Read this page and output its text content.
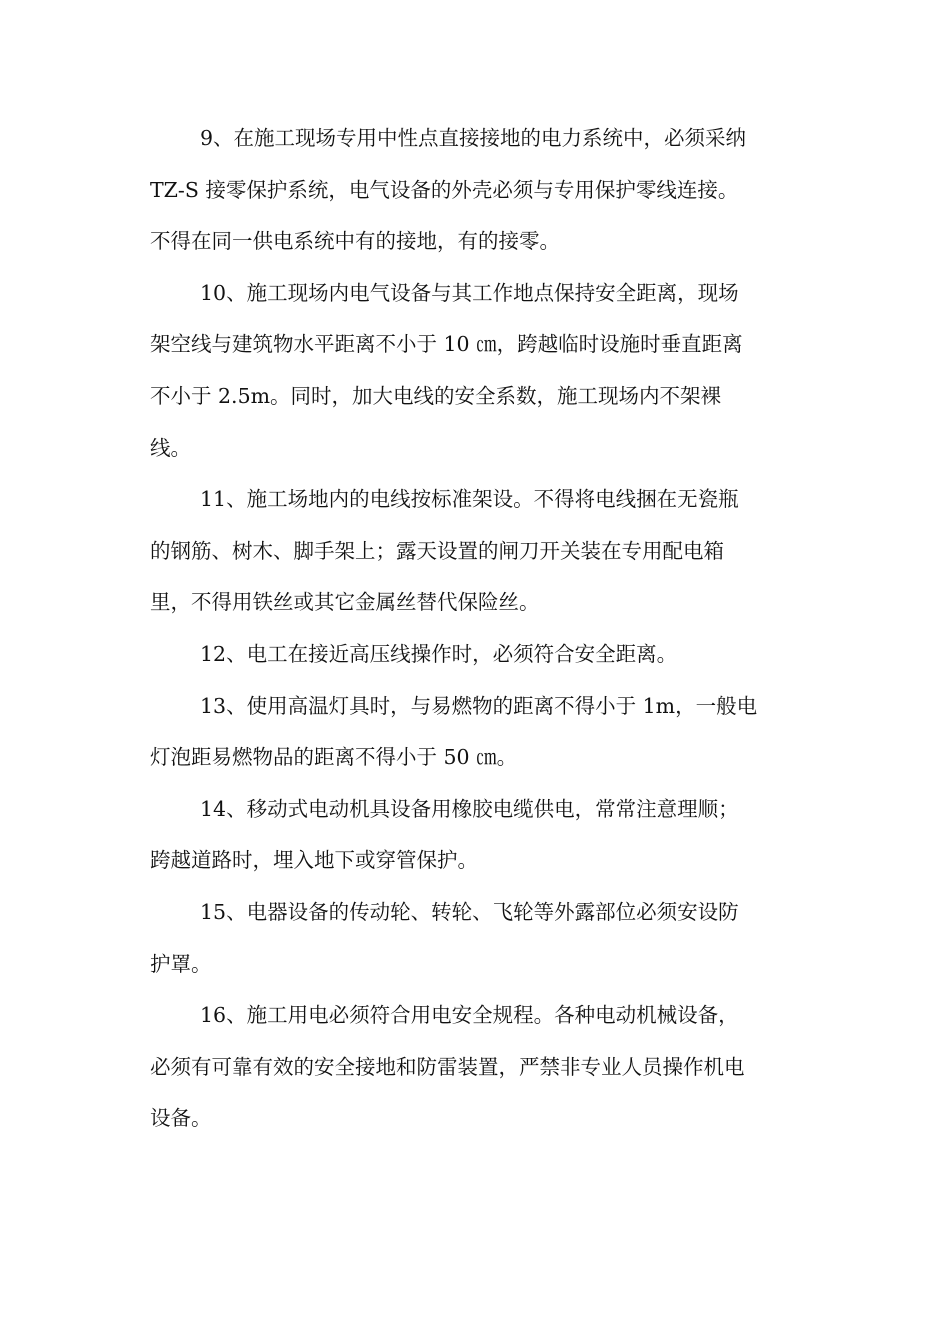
9、在施工现场专用中性点直接接地的电力系统中，必须采纳
TZ-S 接零保护系统，电气设备的外壳必须与专用保护零线连接。
不得在同一供电系统中有的接地，有的接零。

10、施工现场内电气设备与其工作地点保持安全距离，现场
架空线与建筑物水平距离不小于 10 ㎝，跨越临时设施时垂直距离
不小于 2.5m。同时，加大电线的安全系数，施工现场内不架裸
线。

11、施工场地内的电线按标准架设。不得将电线捆在无瓷瓶
的钢筋、树木、脚手架上；露天设置的闸刀开关装在专用配电箱
里，不得用铁丝或其它金属丝替代保险丝。

12、电工在接近高压线操作时，必须符合安全距离。

13、使用高温灯具时，与易燃物的距离不得小于 1m，一般电
灯泡距易燃物品的距离不得小于 50 ㎝。

14、移动式电动机具设备用橡胶电缆供电，常常注意理顺；
跨越道路时，埋入地下或穿管保护。

15、电器设备的传动轮、转轮、飞轮等外露部位必须安设防
护罩。

16、施工用电必须符合用电安全规程。各种电动机械设备，
必须有可靠有效的安全接地和防雷装置，严禁非专业人员操作机电
设备。
